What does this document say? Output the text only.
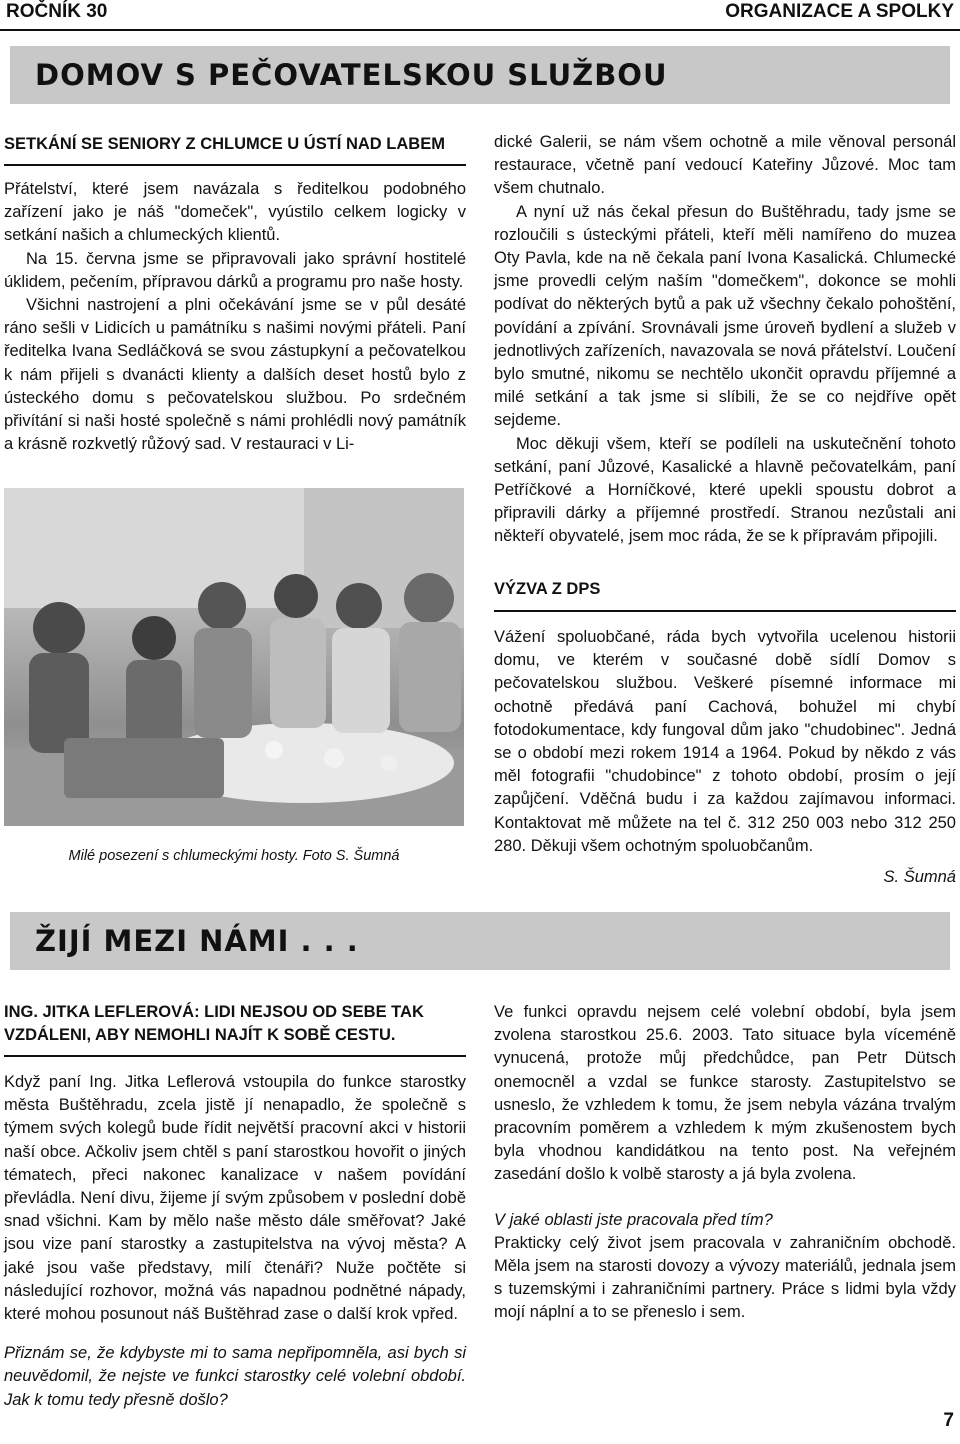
ROČNÍK 30	ORGANIZACE A SPOLKY
DOMOV S PEČOVATELSKOU SLUŽBOU
SETKÁNÍ SE SENIORY Z CHLUMCE U ÚSTÍ NAD LABEM

Přátelství, které jsem navázala s ředitelkou podobného zařízení jako je náš "domeček", vyústilo celkem logicky v setkání našich a chlumeckých klientů.

Na 15. června jsme se připravovali jako správní hostitelé úklidem, pečením, přípravou dárků a programu pro naše hosty.

Všichni nastrojení a plni očekávání jsme se v půl desáté ráno sešli v Lidicích u památníku s našimi novými přáteli. Paní ředitelka Ivana Sedláčková se svou zástupkyní a pečovatelkou k nám přijeli s dvanácti klienty a dalších deset hostů bylo z ústeckého domu s pečovatelskou službou. Po srdečném přivítání si naši hosté společně s námi prohlédli nový památník a krásně rozkvetlý růžový sad. V restauraci v Li-

Milé posezení s chlumeckými hosty. Foto S. Šumná

dické Galerii, se nám všem ochotně a mile věnoval personál restaurace, včetně paní vedoucí Kateřiny Jůzové. Moc tam všem chutnalo.

A nyní už nás čekal přesun do Buštěhradu, tady jsme se rozloučili s ústeckými přáteli, kteří měli namířeno do muzea Oty Pavla, kde na ně čekala paní Ivona Kasalická. Chlumecké jsme provedli celým naším "domečkem", dokonce se mohli podívat do některých bytů a pak už všechny čekalo pohoštění, povídání a zpívání. Srovnávali jsme úroveň bydlení a služeb v jednotlivých zařízeních, navazovala se nová přátelství. Loučení bylo smutné, nikomu se nechtělo ukončit opravdu příjemné a milé setkání a tak jsme si slíbili, že se co nejdříve opět sejdeme.

Moc děkuji všem, kteří se podíleli na uskutečnění tohoto setkání, paní Jůzové, Kasalické a hlavně pečovatelkám, paní Petříčkové a Horníčkové, které upekli spoustu dobrot a připravili dárky a příjemné prostředí. Stranou nezůstali ani někteří obyvatelé, jsem moc ráda, že se k přípravám připojili.

VÝZVA Z DPS

Vážení spoluobčané, ráda bych vytvořila ucelenou historii domu, ve kterém v současné době sídlí Domov s pečovatelskou službou. Veškeré písemné informace mi ochotně předává paní Cachová, bohužel mi chybí fotodokumentace, kdy fungoval dům jako "chudobinec". Jedná se o období mezi rokem 1914 a 1964. Pokud by někdo z vás měl fotografii "chudobince" z tohoto období, prosím o její zapůjčení. Vděčná budu i za každou zajímavou informaci. Kontaktovat mě můžete na tel č. 312 250 003 nebo 312 250 280. Děkuji všem ochotným spoluobčanům.

S. Šumná
ŽIJÍ MEZI NÁMI . . .
ING. JITKA LEFLEROVÁ: LIDI NEJSOU OD SEBE TAK VZDÁLENI, ABY NEMOHLI NAJÍT K SOBĚ CESTU.

Když paní Ing. Jitka Leflerová vstoupila do funkce starostky města Buštěhradu, zcela jistě jí nenapadlo, že společně s týmem svých kolegů bude řídit největší pracovní akci v historii naší obce. Ačkoliv jsem chtěl s paní starostkou hovořit o jiných tématech, přeci nakonec kanalizace v našem povídání převládla. Není divu, žijeme jí svým způsobem v poslední době snad všichni. Kam by mělo naše město dále směřovat? Jaké jsou vize paní starostky a zastupitelstva na vývoj města? A jaké jsou vaše představy, milí čtenáři? Nuže počtěte si následující rozhovor, možná vás napadnou podnětné nápady, které mohou posunout náš Buštěhrad zase o další krok vpřed.

Přiznám se, že kdybyste mi to sama nepřipomněla, asi bych si neuvědomil, že nejste ve funkci starostky celé volební období. Jak k tomu tedy přesně došlo?

Ve funkci opravdu nejsem celé volební období, byla jsem zvolena starostkou 25.6. 2003. Tato situace byla víceméně vynucená, protože můj předchůdce, pan Petr Dütsch onemocněl a vzdal se funkce starosty. Zastupitelstvo se usneslo, že vzhledem k tomu, že jsem nebyla vázána trvalým pracovním poměrem a vzhledem k mým zkušenostem bych byla vhodnou kandidátkou na tento post. Na veřejném zasedání došlo k volbě starosty a já byla zvolena.

V jaké oblasti jste pracovala před tím?

Prakticky celý život jsem pracovala v zahraničním obchodě. Měla jsem na starosti dovozy a vývozy materiálů, jednala jsem s tuzemskými i zahraničními partnery. Práce s lidmi byla vždy mojí náplní a to se přeneslo i sem.

7
